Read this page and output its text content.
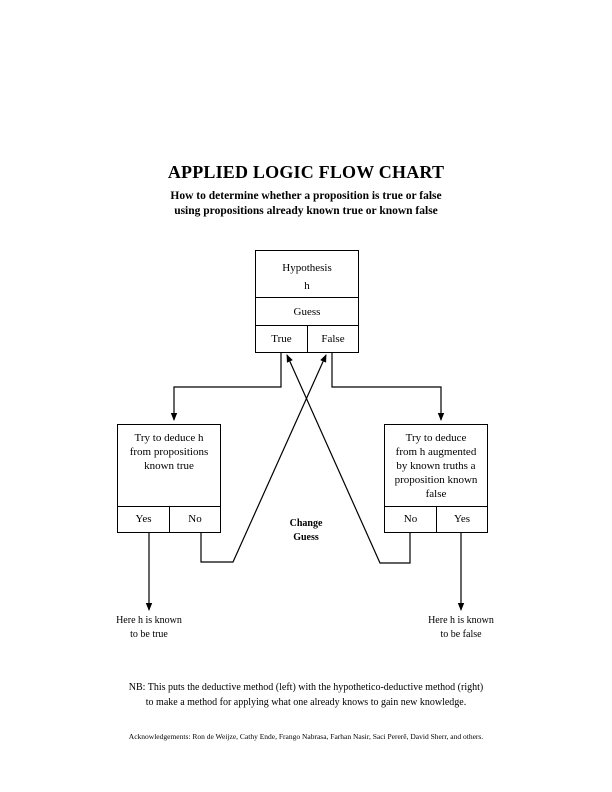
APPLIED LOGIC FLOW CHART
How to determine whether a proposition is true or false
using propositions already known true or known false
Hypothesis
h
Guess
True	False
Try to deduce h
from propositions
known true
Yes	No
Try to deduce
from h augmented
by known truths a
proposition known
false
No	Yes
Change
Guess
Here h is known
to be true
Here h is known
to be false
NB: This puts the deductive method (left) with the hypothetico-deductive method (right)
to make a method for applying what one already knows to gain new knowledge.
Acknowledgements: Ron de Weijze, Cathy Ende, Frango Nabrasa, Farhan Nasir, Saci Pererê, David Sherr, and others.
